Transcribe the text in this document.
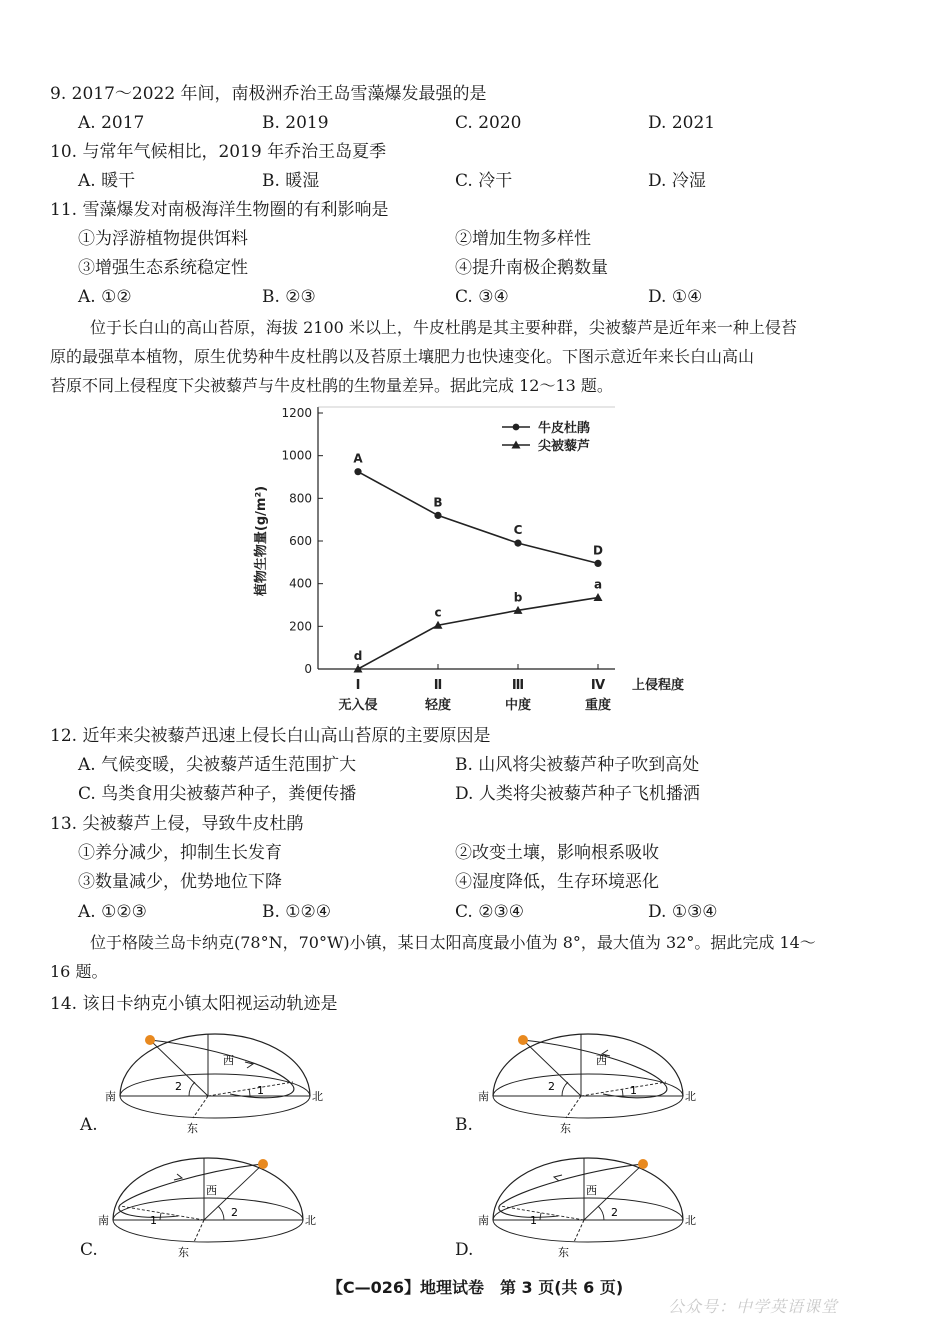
9. 2017～2022 年间，南极洲乔治王岛雪藻爆发最强的是
A. 2017	B. 2019	C. 2020	D. 2021
10. 与常年气候相比，2019 年乔治王岛夏季
A. 暖干	B. 暖湿	C. 冷干	D. 冷湿
11. 雪藻爆发对南极海洋生物圈的有利影响是
①为浮游植物提供饵料	②增加生物多样性
③增强生态系统稳定性	④提升南极企鹅数量
A. ①②	B. ②③	C. ③④	D. ①④
位于长白山的高山苔原，海拔 2100 米以上，牛皮杜鹃是其主要种群，尖被藜芦是近年来一种上侵苔
原的最强草本植物，原生优势种牛皮杜鹃以及苔原土壤肥力也快速变化。下图示意近年来长白山高山
苔原不同上侵程度下尖被藜芦与牛皮杜鹃的生物量差异。据此完成 12～13 题。
0
200
400
600
800
1000
1200
Ⅰ
无入侵
Ⅱ
轻度
Ⅲ
中度
Ⅳ
重度
上侵程度
植物生物量(g/m²)
A
B
C
D
d
c
b
a
牛皮杜鹃
尖被藜芦
12. 近年来尖被藜芦迅速上侵长白山高山苔原的主要原因是
A. 气候变暖，尖被藜芦适生范围扩大	B. 山风将尖被藜芦种子吹到高处
C. 鸟类食用尖被藜芦种子，粪便传播	D. 人类将尖被藜芦种子飞机播洒
13. 尖被藜芦上侵，导致牛皮杜鹃
①养分减少，抑制生长发育	②改变土壤，影响根系吸收
③数量减少，优势地位下降	④湿度降低，生存环境恶化
A. ①②③	B. ①②④	C. ②③④	D. ①③④
位于格陵兰岛卡纳克(78°N，70°W)小镇，某日太阳高度最小值为 8°，最大值为 32°。据此完成 14～
16 题。
14. 该日卡纳克小镇太阳视运动轨迹是
2	1
西
南	北
东
A.
2	1
西
南	北
东
B.
2
1
西
南	北
东
C.
2
1
西
南	北
东
D.
【C—026】地理试卷　第 3 页(共 6 页)
公众号：中学英语课堂
